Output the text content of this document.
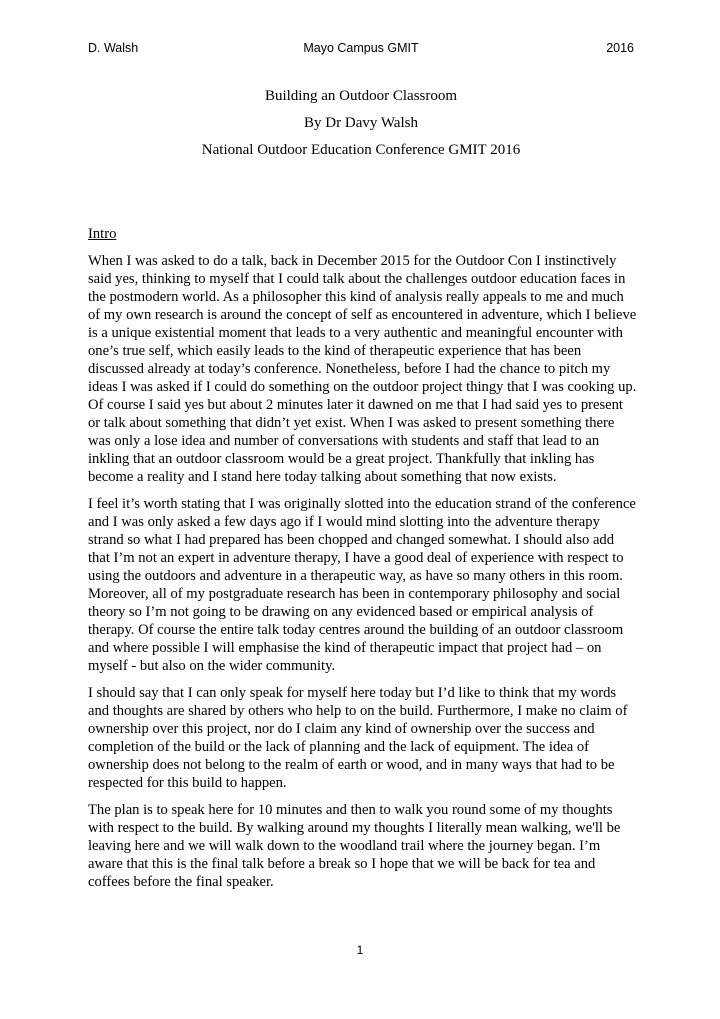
D. Walsh	Mayo Campus GMIT	2016
Building an Outdoor Classroom
By Dr Davy Walsh
National Outdoor Education Conference GMIT 2016
Intro
When I was asked to do a talk, back in December 2015 for the Outdoor Con I instinctively
said yes, thinking to myself that I could talk about the challenges outdoor education faces in
the postmodern world. As a philosopher this kind of analysis really appeals to me and much
of my own research is around the concept of self as encountered in adventure, which I believe
is a unique existential moment that leads to a very authentic and meaningful encounter with
one’s true self, which easily leads to the kind of therapeutic experience that has been
discussed already at today’s conference. Nonetheless, before I had the chance to pitch my
ideas I was asked if I could do something on the outdoor project thingy that I was cooking up.
Of course I said yes but about 2 minutes later it dawned on me that I had said yes to present
or talk about something that didn’t yet exist. When I was asked to present something there
was only a lose idea and number of conversations with students and staff that lead to an
inkling that an outdoor classroom would be a great project. Thankfully that inkling has
become a reality and I stand here today talking about something that now exists.
I feel it’s worth stating that I was originally slotted into the education strand of the conference
and I was only asked a few days ago if I would mind slotting into the adventure therapy
strand so what I had prepared has been chopped and changed somewhat. I should also add
that I’m not an expert in adventure therapy, I have a good deal of experience with respect to
using the outdoors and adventure in a therapeutic way, as have so many others in this room.
Moreover, all of my postgraduate research has been in contemporary philosophy and social
theory so I’m not going to be drawing on any evidenced based or empirical analysis of
therapy. Of course the entire talk today centres around the building of an outdoor classroom
and where possible I will emphasise the kind of therapeutic impact that project had – on
myself - but also on the wider community.
I should say that I can only speak for myself here today but I’d like to think that my words
and thoughts are shared by others who help to on the build. Furthermore, I make no claim of
ownership over this project, nor do I claim any kind of ownership over the success and
completion of the build or the lack of planning and the lack of equipment. The idea of
ownership does not belong to the realm of earth or wood, and in many ways that had to be
respected for this build to happen.
The plan is to speak here for 10 minutes and then to walk you round some of my thoughts
with respect to the build. By walking around my thoughts I literally mean walking, we'll be
leaving here and we will walk down to the woodland trail where the journey began. I’m
aware that this is the final talk before a break so I hope that we will be back for tea and
coffees before the final speaker.
1
